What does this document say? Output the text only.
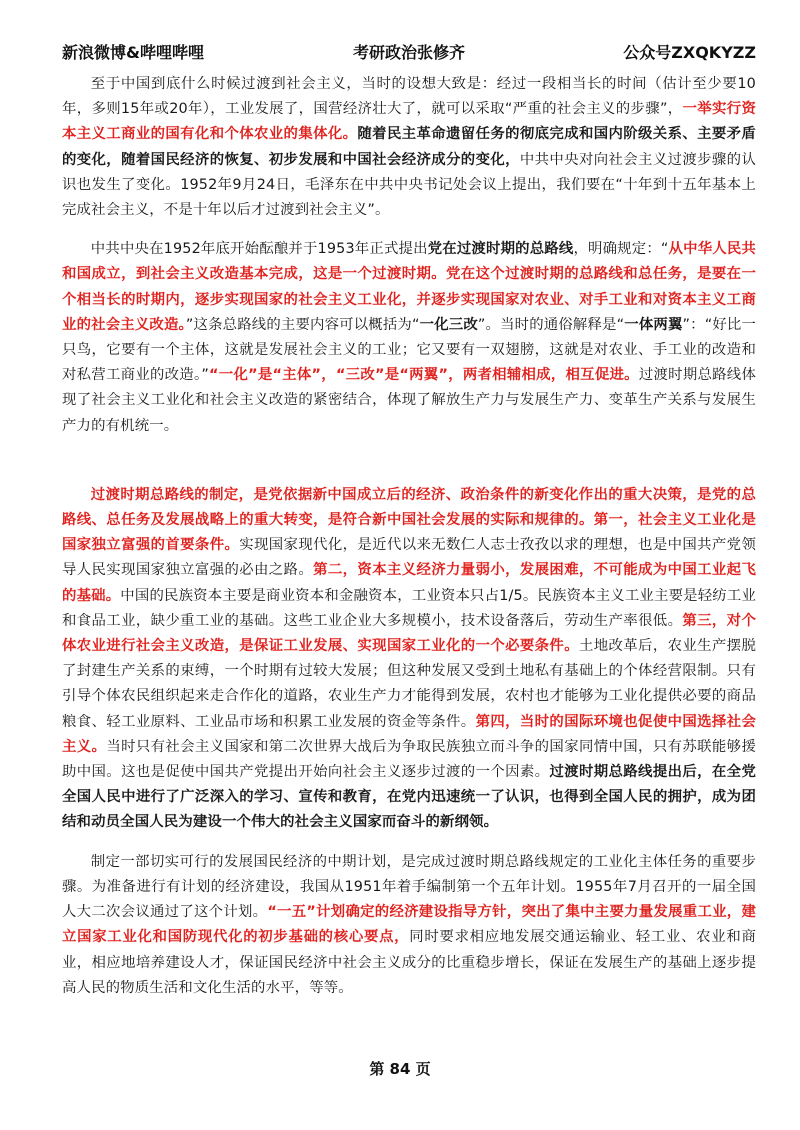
新浪微博&哔哩哔哩	考研政治张修齐	公众号ZXQKYZZ

至于中国到底什么时候过渡到社会主义，当时的设想大致是：经过一段相当长的时间（估计至少要10年，多则15年或20年），工业发展了，国营经济壮大了，就可以采取“严重的社会主义的步骤”，一举实行资本主义工商业的国有化和个体农业的集体化。随着民主革命遗留任务的彻底完成和国内阶级关系、主要矛盾的变化，随着国民经济的恢复、初步发展和中国社会经济成分的变化，中共中央对向社会主义过渡步骤的认识也发生了变化。1952年9月24日，毛泽东在中共中央书记处会议上提出，我们要在“十年到十五年基本上完成社会主义，不是十年以后才过渡到社会主义”。

中共中央在1952年底开始酝酿并于1953年正式提出党在过渡时期的总路线，明确规定：“从中华人民共和国成立，到社会主义改造基本完成，这是一个过渡时期。党在这个过渡时期的总路线和总任务，是要在一个相当长的时期内，逐步实现国家的社会主义工业化，并逐步实现国家对农业、对手工业和对资本主义工商业的社会主义改造。”这条总路线的主要内容可以概括为“一化三改”。当时的通俗解释是“一体两翼”：“好比一只鸟，它要有一个主体，这就是发展社会主义的工业；它又要有一双翅膀，这就是对农业、手工业的改造和对私营工商业的改造。”“一化”是“主体”，“三改”是“两翼”，两者相辅相成，相互促进。过渡时期总路线体现了社会主义工业化和社会主义改造的紧密结合，体现了解放生产力与发展生产力、变革生产关系与发展生产力的有机统一。

过渡时期总路线的制定，是党依据新中国成立后的经济、政治条件的新变化作出的重大决策，是党的总路线、总任务及发展战略上的重大转变，是符合新中国社会发展的实际和规律的。第一，社会主义工业化是国家独立富强的首要条件。实现国家现代化，是近代以来无数仁人志士孜孜以求的理想，也是中国共产党领导人民实现国家独立富强的必由之路。第二，资本主义经济力量弱小，发展困难，不可能成为中国工业起飞的基础。中国的民族资本主要是商业资本和金融资本，工业资本只占1/5。民族资本主义工业主要是轻纺工业和食品工业，缺少重工业的基础。这些工业企业大多规模小，技术设备落后，劳动生产率很低。第三，对个体农业进行社会主义改造，是保证工业发展、实现国家工业化的一个必要条件。土地改革后，农业生产摆脱了封建生产关系的束缚，一个时期有过较大发展；但这种发展又受到土地私有基础上的个体经营限制。只有引导个体农民组织起来走合作化的道路，农业生产力才能得到发展，农村也才能够为工业化提供必要的商品粮食、轻工业原料、工业品市场和积累工业发展的资金等条件。第四，当时的国际环境也促使中国选择社会主义。当时只有社会主义国家和第二次世界大战后为争取民族独立而斗争的国家同情中国，只有苏联能够援助中国。这也是促使中国共产党提出开始向社会主义逐步过渡的一个因素。过渡时期总路线提出后，在全党全国人民中进行了广泛深入的学习、宣传和教育，在党内迅速统一了认识，也得到全国人民的拥护，成为团结和动员全国人民为建设一个伟大的社会主义国家而奋斗的新纲领。

制定一部切实可行的发展国民经济的中期计划，是完成过渡时期总路线规定的工业化主体任务的重要步骤。为准备进行有计划的经济建设，我国从1951年着手编制第一个五年计划。1955年7月召开的一届全国人大二次会议通过了这个计划。“一五”计划确定的经济建设指导方针，突出了集中主要力量发展重工业，建立国家工业化和国防现代化的初步基础的核心要点，同时要求相应地发展交通运输业、轻工业、农业和商业，相应地培养建设人才，保证国民经济中社会主义成分的比重稳步增长，保证在发展生产的基础上逐步提高人民的物质生活和文化生活的水平，等等。

第 84 页
